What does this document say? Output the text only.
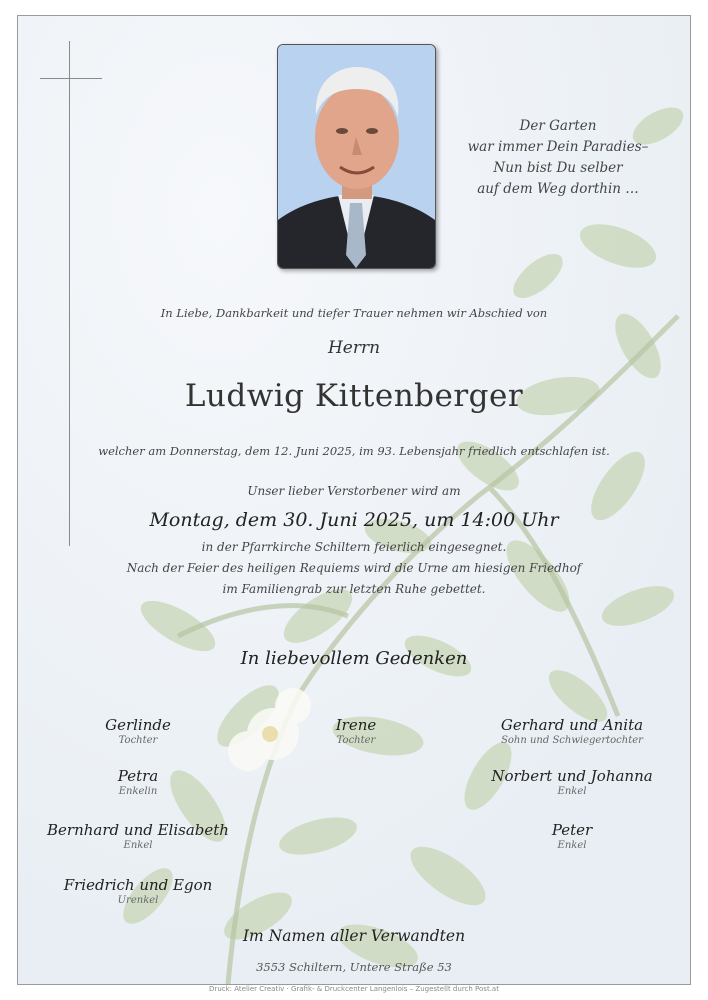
Der Garten
war immer Dein Paradies–
Nun bist Du selber
auf dem Weg dorthin …
In Liebe, Dankbarkeit und tiefer Trauer nehmen wir Abschied von
Herrn
Ludwig Kittenberger
welcher am Donnerstag, dem 12. Juni 2025, im 93. Lebensjahr friedlich entschlafen ist.
Unser lieber Verstorbener wird am
Montag, dem 30. Juni 2025, um 14:00 Uhr
in der Pfarrkirche Schiltern feierlich eingesegnet.
Nach der Feier des heiligen Requiems wird die Urne am hiesigen Friedhof
im Familiengrab zur letzten Ruhe gebettet.
In liebevollem Gedenken
Gerlinde
Tochter
Irene
Tochter
Gerhard und Anita
Sohn und Schwiegertochter
Petra
Enkelin
Norbert und Johanna
Enkel
Bernhard und Elisabeth
Enkel
Peter
Enkel
Friedrich und Egon
Urenkel
Im Namen aller Verwandten
3553 Schiltern, Untere Straße 53
Druck: Atelier Creativ · Grafik- & Druckcenter Langenlois – Zugestellt durch Post.at
